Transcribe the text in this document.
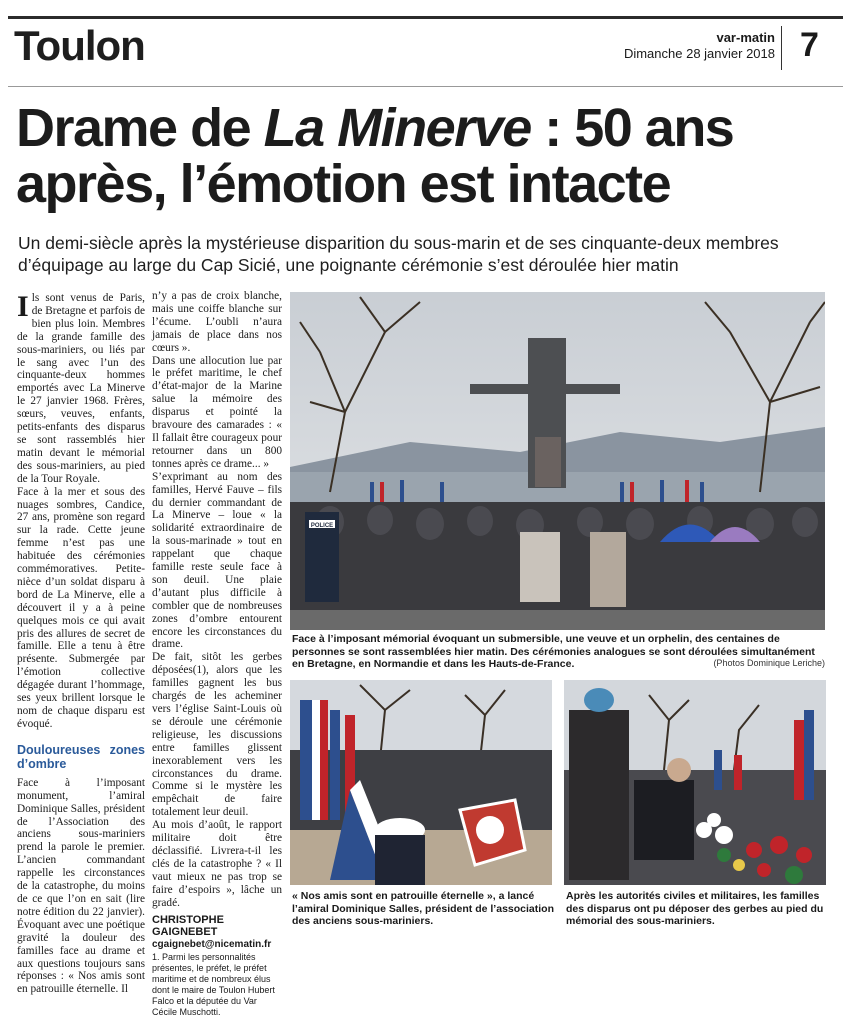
Toulon	var-matin
Dimanche 28 janvier 2018 7
Drame de La Minerve : 50 ans
après, l’émotion est intacte
Un demi-siècle après la mystérieuse disparition du sous-marin et de ses cinquante-deux membres d’équipage au large du Cap Sicié, une poignante cérémonie s’est déroulée hier matin

Ils sont venus de Paris, de Bretagne et parfois de bien plus loin. Membres de la grande famille des sous-mariniers, ou liés par le sang avec l’un des cinquante-deux hommes emportés avec La Minerve le 27 janvier 1968. Frères, sœurs, veuves, enfants, petits-enfants des disparus se sont rassemblés hier matin devant le mémorial des sous-mariniers, au pied de la Tour Royale.

Face à la mer et sous des nuages sombres, Candice, 27 ans, promène son regard sur la rade. Cette jeune femme n’est pas une habituée des cérémonies commémoratives. Petite-nièce d’un soldat disparu à bord de La Minerve, elle a découvert il y a à peine quelques mois ce qui avait pris des allures de secret de famille. Elle a tenu à être présente. Submergée par l’émotion collective dégagée durant l’hommage, ses yeux brillent lorsque le nom de chaque disparu est évoqué.

Douloureuses zones d’ombre

Face à l’imposant monument, l’amiral Dominique Salles, président de l’Association des anciens sous-mariniers prend la parole le premier. L’ancien commandant rappelle les circonstances de la catastrophe, du moins de ce que l’on en sait (lire notre édition du 22 janvier). Évoquant avec une poétique gravité la douleur des familles face au drame et aux questions toujours sans réponses : « Nos amis sont en patrouille éternelle. Il

n’y a pas de croix blanche, mais une coiffe blanche sur l’écume. L’oubli n’aura jamais de place dans nos cœurs ».

Dans une allocution lue par le préfet maritime, le chef d’état-major de la Marine salue la mémoire des disparus et pointé la bravoure des camarades : « Il fallait être courageux pour retourner dans un 800 tonnes après ce drame... »

S’exprimant au nom des familles, Hervé Fauve – fils du dernier commandant de La Minerve – loue « la solidarité extraordinaire de la sous-marinade » tout en rappelant que chaque famille reste seule face à son deuil. Une plaie d’autant plus difficile à combler que de nombreuses zones d’ombre entourent encore les circonstances du drame.

De fait, sitôt les gerbes déposées(1), alors que les familles gagnent les bus chargés de les acheminer vers l’église Saint-Louis où se déroule une cérémonie religieuse, les discussions entre familles glissent inexorablement vers les circonstances du drame. Comme si le mystère les empêchait de faire totalement leur deuil.

Au mois d’août, le rapport militaire doit être déclassifié. Livrera-t-il les clés de la catastrophe ? « Il vaut mieux ne pas trop se faire d’espoirs », lâche un gradé.

CHRISTOPHE GAIGNEBET

cgaignebet@nicematin.fr

1. Parmi les personnalités présentes, le préfet, le préfet maritime et de nombreux élus dont le maire de Toulon Hubert Falco et la députée du Var Cécile Muschotti.

POLICE
Face à l’imposant mémorial évoquant un submersible, une veuve et un orphelin, des centaines de personnes se sont rassemblées hier matin. Des cérémonies analogues se sont déroulées simultanément en Bretagne, en Normandie et dans les Hauts-de-France.	(Photos Dominique Leriche)
« Nos amis sont en patrouille éternelle », a lancé l’amiral Dominique Salles, président de l’association des anciens sous-mariniers.
Après les autorités civiles et militaires, les familles des disparus ont pu déposer des gerbes au pied du mémorial des sous-mariniers.
